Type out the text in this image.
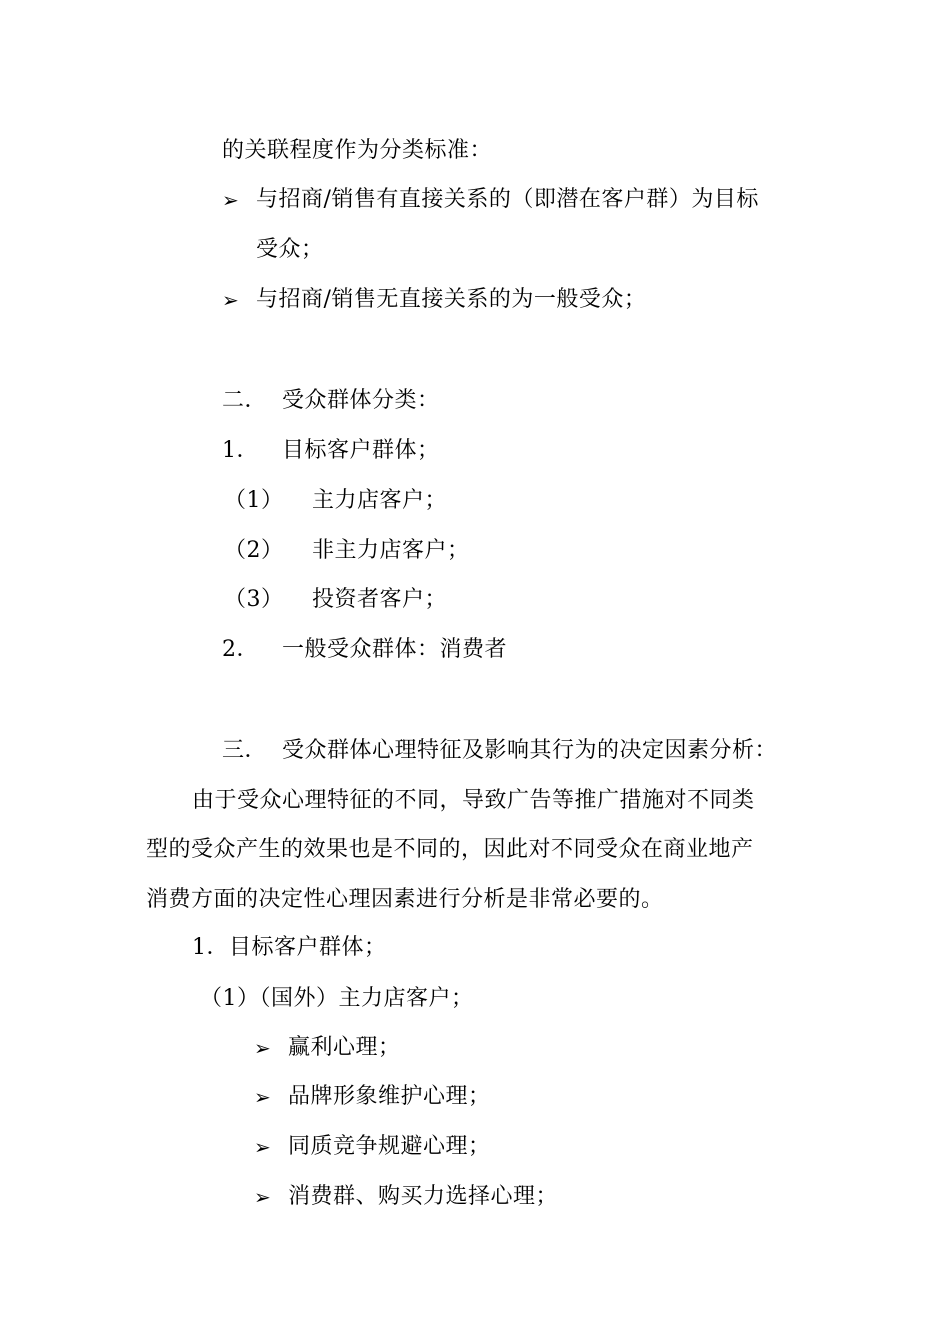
的关联程度作为分类标准：
➢ 与招商/销售有直接关系的（即潜在客户群）为目标
受众；
➢ 与招商/销售无直接关系的为一般受众；
二． 受众群体分类：
1． 目标客户群体；
（1） 主力店客户；
（2） 非主力店客户；
（3） 投资者客户；
2． 一般受众群体：消费者
三． 受众群体心理特征及影响其行为的决定因素分析：
由于受众心理特征的不同，导致广告等推广措施对不同类
型的受众产生的效果也是不同的，因此对不同受众在商业地产
消费方面的决定性心理因素进行分析是非常必要的。
1．目标客户群体；
（1）（国外）主力店客户；
➢ 赢利心理；
➢ 品牌形象维护心理；
➢ 同质竞争规避心理；
➢ 消费群、购买力选择心理；
